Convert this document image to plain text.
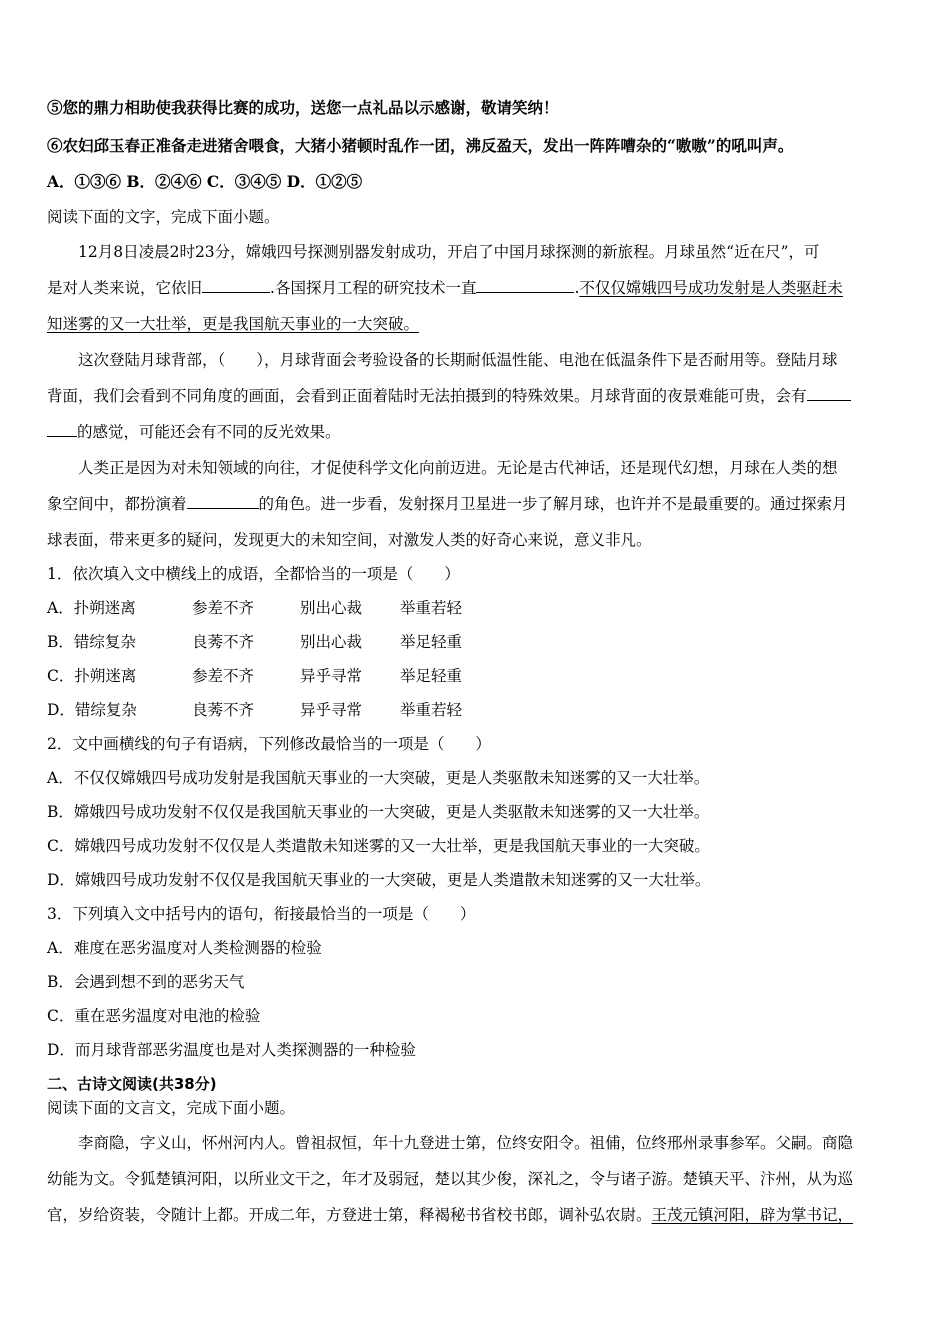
⑤您的鼎力相助使我获得比赛的成功，送您一点礼品以示感谢，敬请笑纳！
⑥农妇邱玉春正准备走进猪舍喂食，大猪小猪顿时乱作一团，沸反盈天，发出一阵阵嘈杂的“嗷嗷”的吼叫声。
A．①③⑥ B．②④⑥ C．③④⑤ D．①②⑤
阅读下面的文字，完成下面小题。
12月8日凌晨2时23分，嫦娥四号探测别器发射成功，开启了中国月球探测的新旅程。月球虽然“近在尺”，可
是对人类来说，它依旧	.各国探月工程的研究技术一直	.不仅仅嫦娥四号成功发射是人类驱赶未
知迷雾的又一大壮举，更是我国航天事业的一大突破。
这次登陆月球背部，（　　），月球背面会考验设备的长期耐低温性能、电池在低温条件下是否耐用等。登陆月球
背面，我们会看到不同角度的画面，会看到正面着陆时无法拍摄到的特殊效果。月球背面的夜景难能可贵，会有
的感觉，可能还会有不同的反光效果。
人类正是因为对未知领域的向往，才促使科学文化向前迈进。无论是古代神话，还是现代幻想，月球在人类的想
象空间中，都扮演着	的角色。进一步看，发射探月卫星进一步了解月球，也许并不是最重要的。通过探索月
球表面，带来更多的疑问，发现更大的未知空间，对激发人类的好奇心来说，意义非凡。
1．依次填入文中横线上的成语，全都恰当的一项是（　　）
A．扑朔迷离	参差不齐	别出心裁 举重若轻
B．错综复杂	良莠不齐	别出心裁 举足轻重
C．扑朔迷离	参差不齐	异乎寻常 举足轻重
D．错综复杂	良莠不齐	异乎寻常 举重若轻
2．文中画横线的句子有语病，下列修改最恰当的一项是（　　）
A．不仅仅嫦娥四号成功发射是我国航天事业的一大突破，更是人类驱散未知迷雾的又一大壮举。
B．嫦娥四号成功发射不仅仅是我国航天事业的一大突破，更是人类驱散未知迷雾的又一大壮举。
C．嫦娥四号成功发射不仅仅是人类遣散未知迷雾的又一大壮举，更是我国航天事业的一大突破。
D．嫦娥四号成功发射不仅仅是我国航天事业的一大突破，更是人类遣散未知迷雾的又一大壮举。
3．下列填入文中括号内的语句，衔接最恰当的一项是（　　）
A．难度在恶劣温度对人类检测器的检验
B．会遇到想不到的恶劣天气
C．重在恶劣温度对电池的检验
D．而月球背部恶劣温度也是对人类探测器的一种检验
二、古诗文阅读(共38分)
阅读下面的文言文，完成下面小题。
李商隐，字义山，怀州河内人。曾祖叔恒，年十九登进士第，位终安阳令。祖俌，位终邢州录事参军。父嗣。商隐
幼能为文。令狐楚镇河阳，以所业文干之，年才及弱冠，楚以其少俊，深礼之，令与诸子游。楚镇天平、汴州，从为巡
官，岁给资装，令随计上都。开成二年，方登进士第，释褐秘书省校书郎，调补弘农尉。王茂元镇河阳，辟为掌书记，
